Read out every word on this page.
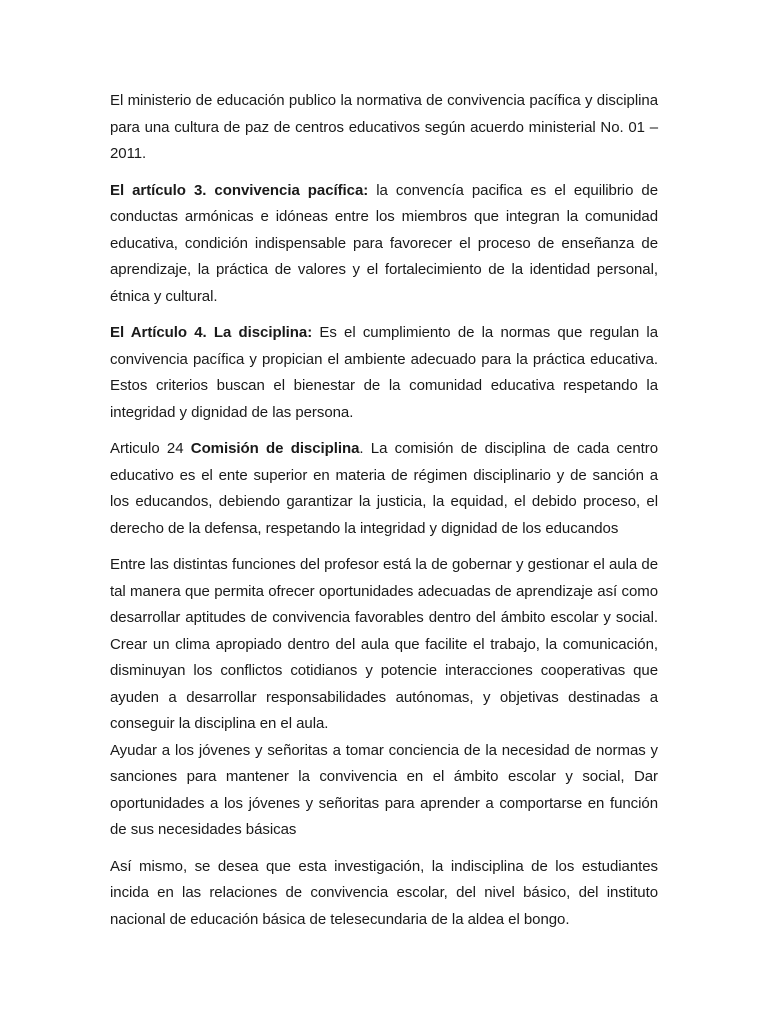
El ministerio de educación publico la normativa de convivencia pacífica y disciplina para una cultura de paz de centros educativos según acuerdo ministerial No. 01 – 2011.

El artículo 3. convivencia pacífica: la convencía pacifica es el equilibrio de conductas armónicas e idóneas entre los miembros que integran la comunidad educativa, condición indispensable para favorecer el proceso de enseñanza de aprendizaje, la práctica de valores y el fortalecimiento de la identidad personal, étnica y cultural.

El Artículo 4. La disciplina: Es el cumplimiento de la normas que regulan la convivencia pacífica y propician el ambiente adecuado para la práctica educativa. Estos criterios buscan el bienestar de la comunidad educativa respetando la integridad y dignidad de las persona.

Articulo 24 Comisión de disciplina. La comisión de disciplina de cada centro educativo es el ente superior en materia de régimen disciplinario y de sanción a los educandos, debiendo garantizar la justicia, la equidad, el debido proceso, el derecho de la defensa, respetando la integridad y dignidad de los educandos

Entre las distintas funciones del profesor está la de gobernar y gestionar el aula de tal manera que permita ofrecer oportunidades adecuadas de aprendizaje así como desarrollar aptitudes de convivencia favorables dentro del ámbito escolar y social. Crear un clima apropiado dentro del aula que facilite el trabajo, la comunicación, disminuyan los conflictos cotidianos y potencie interacciones cooperativas que ayuden a desarrollar responsabilidades autónomas, y objetivas destinadas a conseguir la disciplina en el aula.

Ayudar a los jóvenes y señoritas a tomar conciencia de la necesidad de normas y sanciones para mantener la convivencia en el ámbito escolar y social, Dar oportunidades a los jóvenes y señoritas para aprender a comportarse en función de sus necesidades básicas

Así mismo, se desea que esta investigación, la indisciplina de los estudiantes incida en las relaciones de convivencia escolar, del nivel básico, del instituto nacional de educación básica de telesecundaria de la aldea el bongo.
